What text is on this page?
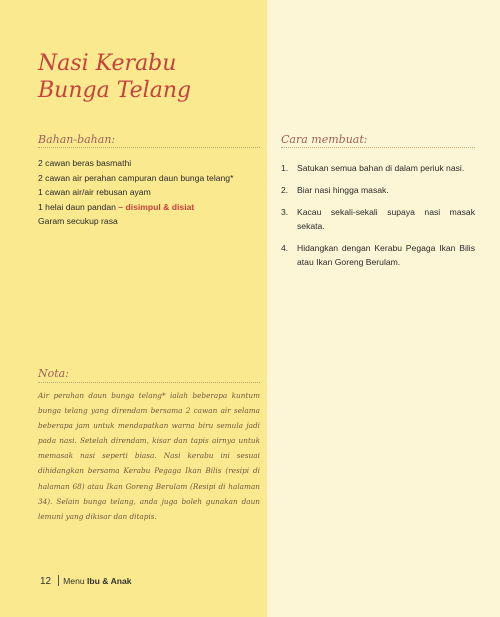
Nasi Kerabu
Bunga Telang
Bahan-bahan:
2 cawan beras basmathi
2 cawan air perahan campuran daun bunga telang*
1 cawan air/air rebusan ayam
1 helai daun pandan – disimpul & disiat
Garam secukup rasa
Cara membuat:
1.	Satukan semua bahan di dalam periuk nasi.
2.	Biar nasi hingga masak.
3.	Kacau sekali-sekali supaya nasi masak sekata.
4.	Hidangkan dengan Kerabu Pegaga Ikan Bilis atau Ikan Goreng Berulam.
Nota:

Air perahan daun bunga telang* ialah beberapa kuntum bunga telang yang direndam bersama 2 cawan air selama beberapa jam untuk mendapatkan warna biru semula jadi pada nasi. Setelah direndam, kisar dan tapis airnya untuk memasak nasi seperti biasa. Nasi kerabu ini sesuai dihidangkan bersama Kerabu Pegaga Ikan Bilis (resipi di halaman 68) atau Ikan Goreng Berulam (Resipi di halaman 34). Selain bunga telang, anda juga boleh gunakan daun lemuni yang dikisar dan ditapis.

12 Menu Ibu & Anak
